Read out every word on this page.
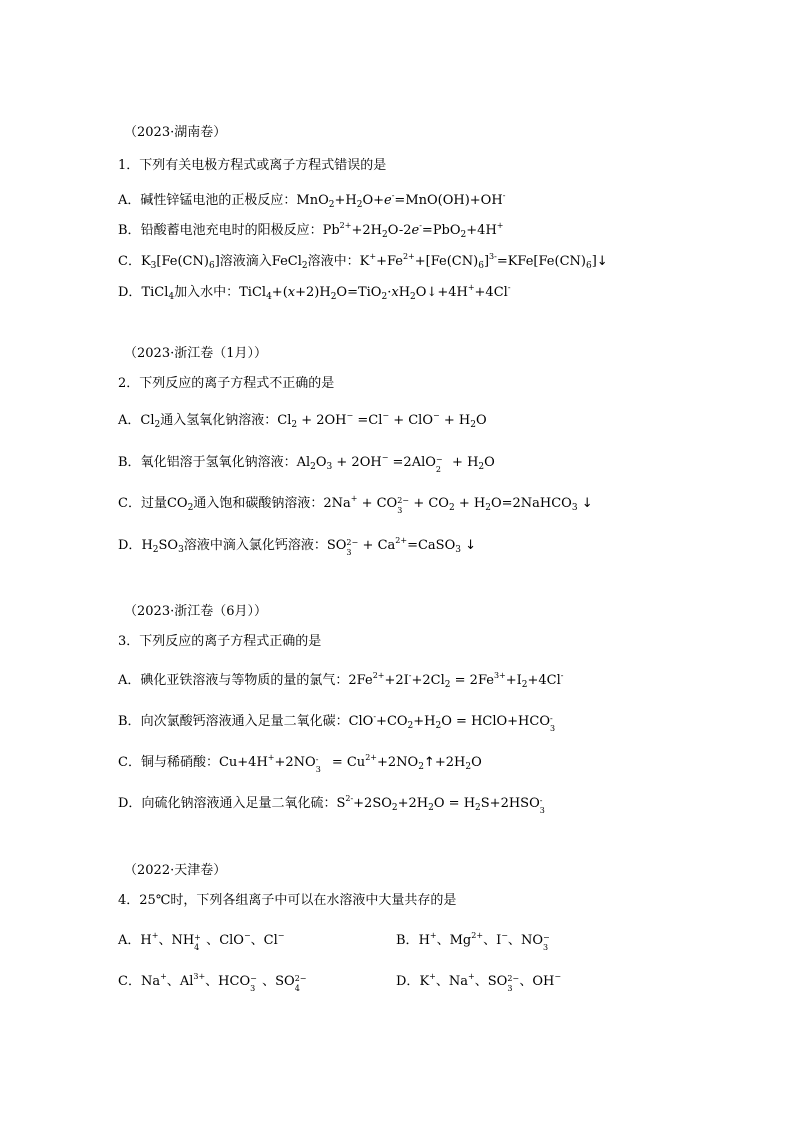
（2023·湖南卷）
1．下列有关电极方程式或离子方程式错误的是
A．碱性锌锰电池的正极反应：$MnO_2+H_2O+e^-=MnO(OH)+OH^-$
B．铅酸蓄电池充电时的阳极反应：$Pb^{2+}+2H_2O-2e^-=PbO_2+4H^+$
C．$K_3[Fe(CN)_6]$溶液滴入FeCl$_2$溶液中：$K^++Fe^{2+}+[Fe(CN)_6]^{3-}=KFe[Fe(CN)_6]↓$
D．TiCl$_4$加入水中：$TiCl_4+(x+2)H_2O=TiO_2\cdot xH_2O↓+4H^++4Cl^-$
（2023·浙江卷（1月））
2．下列反应的离子方程式不正确的是
A．$Cl_2$通入氢氧化钠溶液：$Cl_2 + 2OH^- =Cl^- + ClO^- + H_2O$
B．氧化铝溶于氢氧化钠溶液：$Al_2O_3 + 2OH^- =2AlO$ −
$2 + H_2O$
C．过量$CO_2$通入饱和碳酸钠溶液：2Na+ + CO 2−
$3 + CO_2$ + $H_2O=2NaHCO_3$ ↓
D．$H_2SO_3$溶液中滴入氯化钙溶液：SO 2−
$3 + Ca^{2+}=CaSO_3$ ↓
（2023·浙江卷（6月））
3．下列反应的离子方程式正确的是
A．碘化亚铁溶液与等物质的量的氯气：$2Fe^{2+}+2I^-+2Cl_2 = 2Fe^{3+}+I_2+4Cl^-$
B．向次氯酸钙溶液通入足量二氧化碳：$ClO^-+CO_2+H_2O$ = HClO+HCO -
3
C．铜与稀硝酸：Cu+4H++2NO -
$3 = Cu^{2+}+2NO_2↑+2H_2O$
D．向硫化钠溶液通入足量二氧化硫：$S^{2-}+2SO_2+2H_2O = H_2S+2HSO$ -
3
（2022·天津卷）
4．25℃时，下列各组离子中可以在水溶液中大量共存的是
A．H+、NH +
4 、ClO−、Cl−	B．H+、$Mg^{2+}$、I−、NO −
3
C．Na+、$Al^{3+}$、HCO −
3 、SO 2−
4	D．K+、Na+、SO 2−
3 、OH−
